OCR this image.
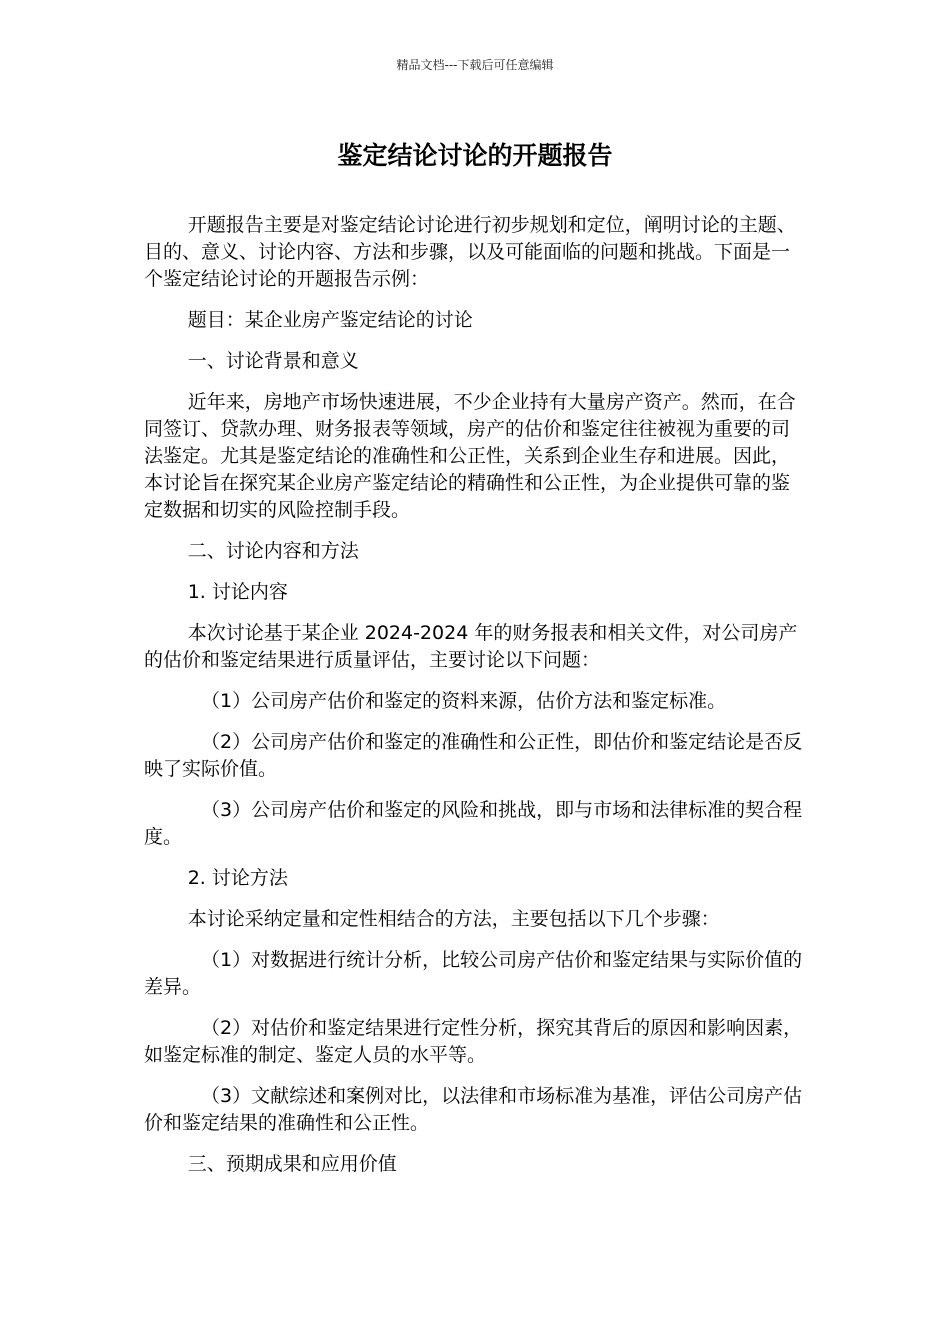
精品文档---下载后可任意编辑
鉴定结论讨论的开题报告

开题报告主要是对鉴定结论讨论进行初步规划和定位，阐明讨论的主题、目的、意义、讨论内容、方法和步骤，以及可能面临的问题和挑战。下面是一个鉴定结论讨论的开题报告示例：

题目：某企业房产鉴定结论的讨论

一、讨论背景和意义

近年来，房地产市场快速进展，不少企业持有大量房产资产。然而，在合同签订、贷款办理、财务报表等领域，房产的估价和鉴定往往被视为重要的司法鉴定。尤其是鉴定结论的准确性和公正性，关系到企业生存和进展。因此，本讨论旨在探究某企业房产鉴定结论的精确性和公正性，为企业提供可靠的鉴定数据和切实的风险控制手段。

二、讨论内容和方法

1. 讨论内容

本次讨论基于某企业 2024-2024 年的财务报表和相关文件，对公司房产的估价和鉴定结果进行质量评估，主要讨论以下问题：

（1）公司房产估价和鉴定的资料来源，估价方法和鉴定标准。

（2）公司房产估价和鉴定的准确性和公正性，即估价和鉴定结论是否反映了实际价值。

（3）公司房产估价和鉴定的风险和挑战，即与市场和法律标准的契合程度。

2. 讨论方法

本讨论采纳定量和定性相结合的方法，主要包括以下几个步骤：

（1）对数据进行统计分析，比较公司房产估价和鉴定结果与实际价值的差异。

（2）对估价和鉴定结果进行定性分析，探究其背后的原因和影响因素，如鉴定标准的制定、鉴定人员的水平等。

（3）文献综述和案例对比，以法律和市场标准为基准，评估公司房产估价和鉴定结果的准确性和公正性。

三、预期成果和应用价值
